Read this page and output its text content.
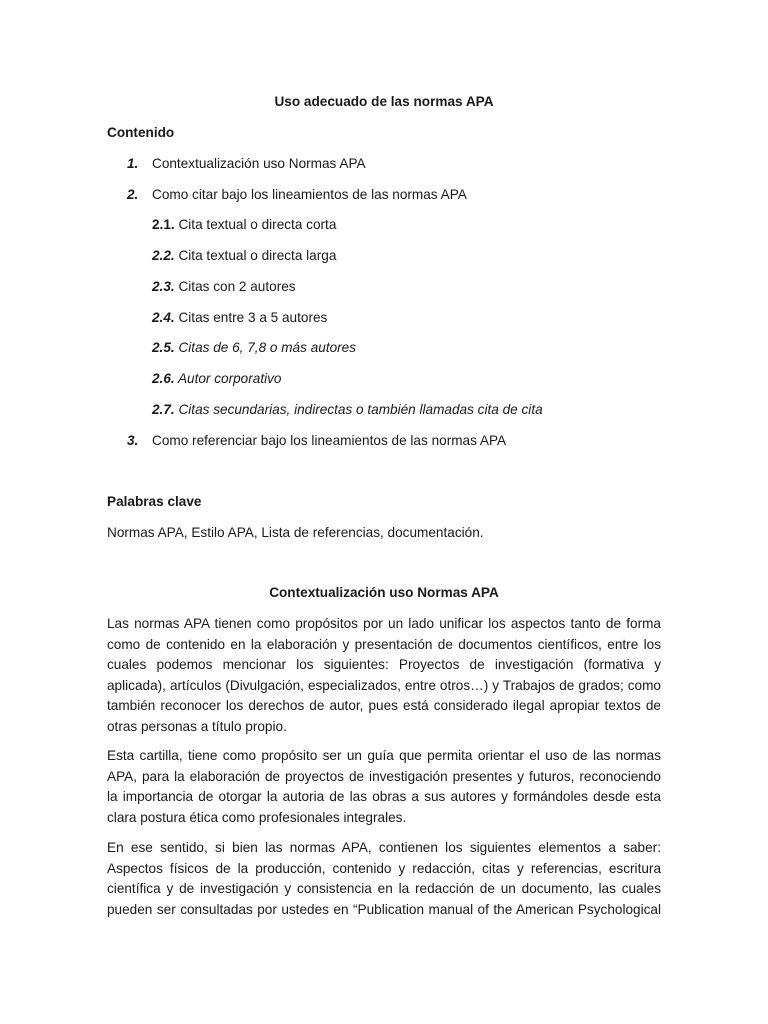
Uso adecuado de las normas APA
Contenido
1. Contextualización uso Normas APA
2. Como citar bajo los lineamientos de las normas APA
2.1. Cita textual o directa corta
2.2. Cita textual o directa larga
2.3. Citas con 2 autores
2.4. Citas entre 3 a 5 autores
2.5. Citas de 6, 7,8 o más autores
2.6. Autor corporativo
2.7. Citas secundarias, indirectas o también llamadas cita de cita
3. Como referenciar bajo los lineamientos de las normas APA
Palabras clave
Normas APA, Estilo APA, Lista de referencias, documentación.
Contextualización uso Normas APA
Las normas APA tienen como propósitos por un lado unificar los aspectos tanto de forma
como de contenido en la elaboración y presentación de documentos científicos, entre los
cuales podemos mencionar los siguientes: Proyectos de investigación (formativa y
aplicada), artículos (Divulgación, especializados, entre otros…) y Trabajos de grados; como
también reconocer los derechos de autor, pues está considerado ilegal apropiar textos de
otras personas a título propio.
Esta cartilla, tiene como propósito ser un guía que permita orientar el uso de las normas
APA, para la elaboración de proyectos de investigación presentes y futuros, reconociendo
la importancia de otorgar la autoria de las obras a sus autores y formándoles desde esta
clara postura ética como profesionales integrales.
En ese sentido, si bien las normas APA, contienen los siguientes elementos a saber:
Aspectos físicos de la producción, contenido y redacción, citas y referencias, escritura
científica y de investigación y consistencia en la redacción de un documento, las cuales
pueden ser consultadas por ustedes en “Publication manual of the American Psychological
